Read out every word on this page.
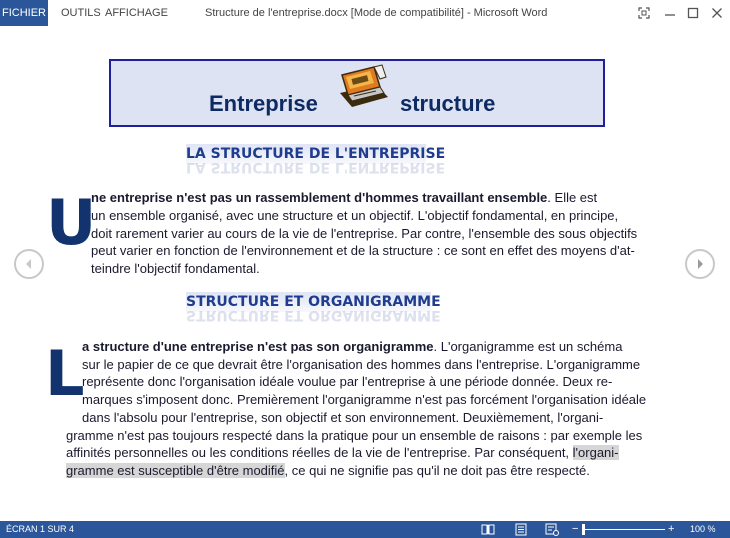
FICHIER OUTILS AFFICHAGE	Structure de l'entreprise.docx [Mode de compatibilité] - Microsoft Word
Entreprise	structure
LA STRUCTURE DE L'ENTREPRISE
LA STRUCTURE DE L'ENTREPRISE
U
ne entreprise n'est pas un rassemblement d'hommes travaillant ensemble. Elle est
un ensemble organisé, avec une structure et un objectif. L'objectif fondamental, en principe,
doit rarement varier au cours de la vie de l'entreprise. Par contre, l'ensemble des sous objectifs
peut varier en fonction de l'environnement et de la structure : ce sont en effet des moyens d'at-
teindre l'objectif fondamental.
STRUCTURE ET ORGANIGRAMME
STRUCTURE ET ORGANIGRAMME
L
a structure d'une entreprise n'est pas son organigramme. L'organigramme est un schéma
sur le papier de ce que devrait être l'organisation des hommes dans l'entreprise. L'organigramme
représente donc l'organisation idéale voulue par l'entreprise à une période donnée. Deux re-
marques s'imposent donc. Premièrement l'organigramme n'est pas forcément l'organisation idéale
dans l'absolu pour l'entreprise, son objectif et son environnement. Deuxièmement, l'organi-
gramme n'est pas toujours respecté dans la pratique pour un ensemble de raisons : par exemple les
affinités personnelles ou les conditions réelles de la vie de l'entreprise. Par conséquent, l'organi-
gramme est susceptible d'être modifié, ce qui ne signifie pas qu'il ne doit pas être respecté.
ÉCRAN 1 SUR 4	−	+ 100 %
